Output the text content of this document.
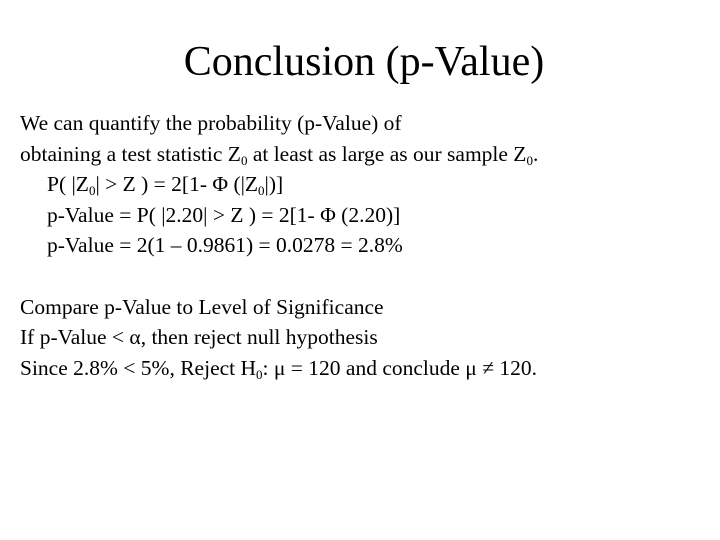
Conclusion (p-Value)
We can quantify the probability (p-Value) of
obtaining a test statistic $Z_0$ at least as large as our sample $Z_0$.
P( $|Z_0| > Z$ ) = 2[1- Φ $(|Z_0|)$]
p-Value = P( |2.20| > Z ) = 2[1- Φ (2.20)]
p-Value = 2(1 – 0.9861) = 0.0278 = 2.8%
Compare p-Value to Level of Significance
If p-Value < α, then reject null hypothesis
Since 2.8% < 5%, Reject $H_0$: μ = 120 and conclude μ ≠ 120.
